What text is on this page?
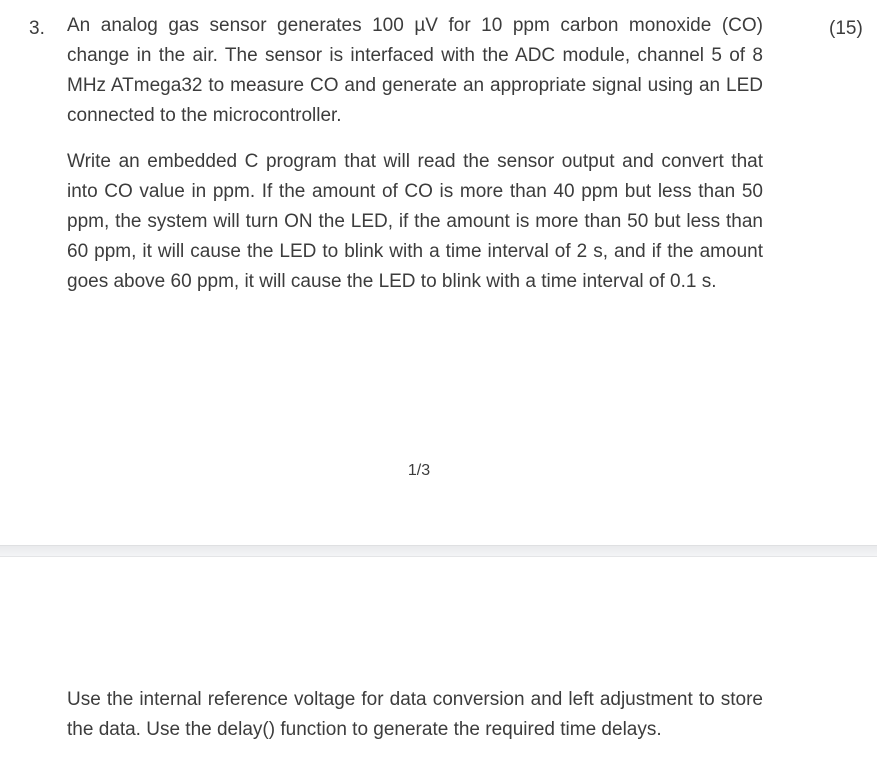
3. An analog gas sensor generates 100 µV for 10 ppm carbon monoxide (CO) change in the air. The sensor is interfaced with the ADC module, channel 5 of 8 MHz ATmega32 to measure CO and generate an appropriate signal using an LED connected to the microcontroller.

Write an embedded C program that will read the sensor output and convert that into CO value in ppm. If the amount of CO is more than 40 ppm but less than 50 ppm, the system will turn ON the LED, if the amount is more than 50 but less than 60 ppm, it will cause the LED to blink with a time interval of 2 s, and if the amount goes above 60 ppm, it will cause the LED to blink with a time interval of 0.1 s.

(15)
1/3

Use the internal reference voltage for data conversion and left adjustment to store the data. Use the delay() function to generate the required time delays.
